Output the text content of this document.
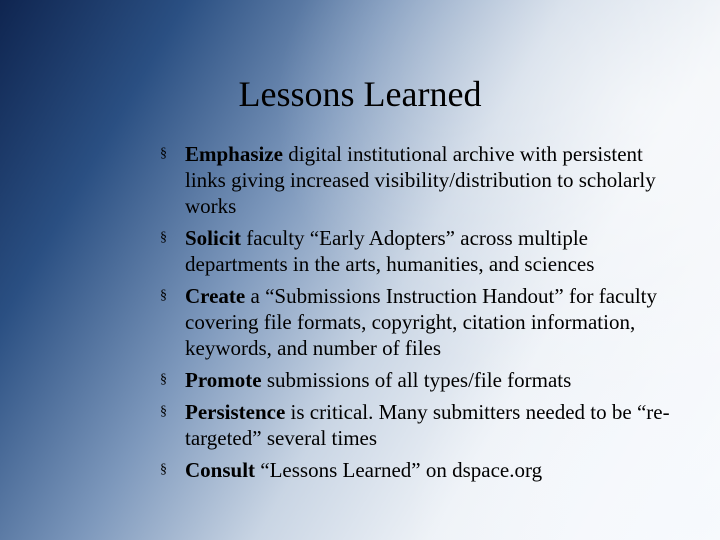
Lessons Learned
§ Emphasize digital institutional archive with persistent links giving increased visibility/distribution to scholarly works
§ Solicit faculty “Early Adopters” across multiple departments in the arts, humanities, and sciences
§ Create a “Submissions Instruction Handout” for faculty covering file formats, copyright, citation information, keywords, and number of files
§ Promote submissions of all types/file formats
§ Persistence is critical. Many submitters needed to be “re-targeted” several times
§ Consult “Lessons Learned” on dspace.org
